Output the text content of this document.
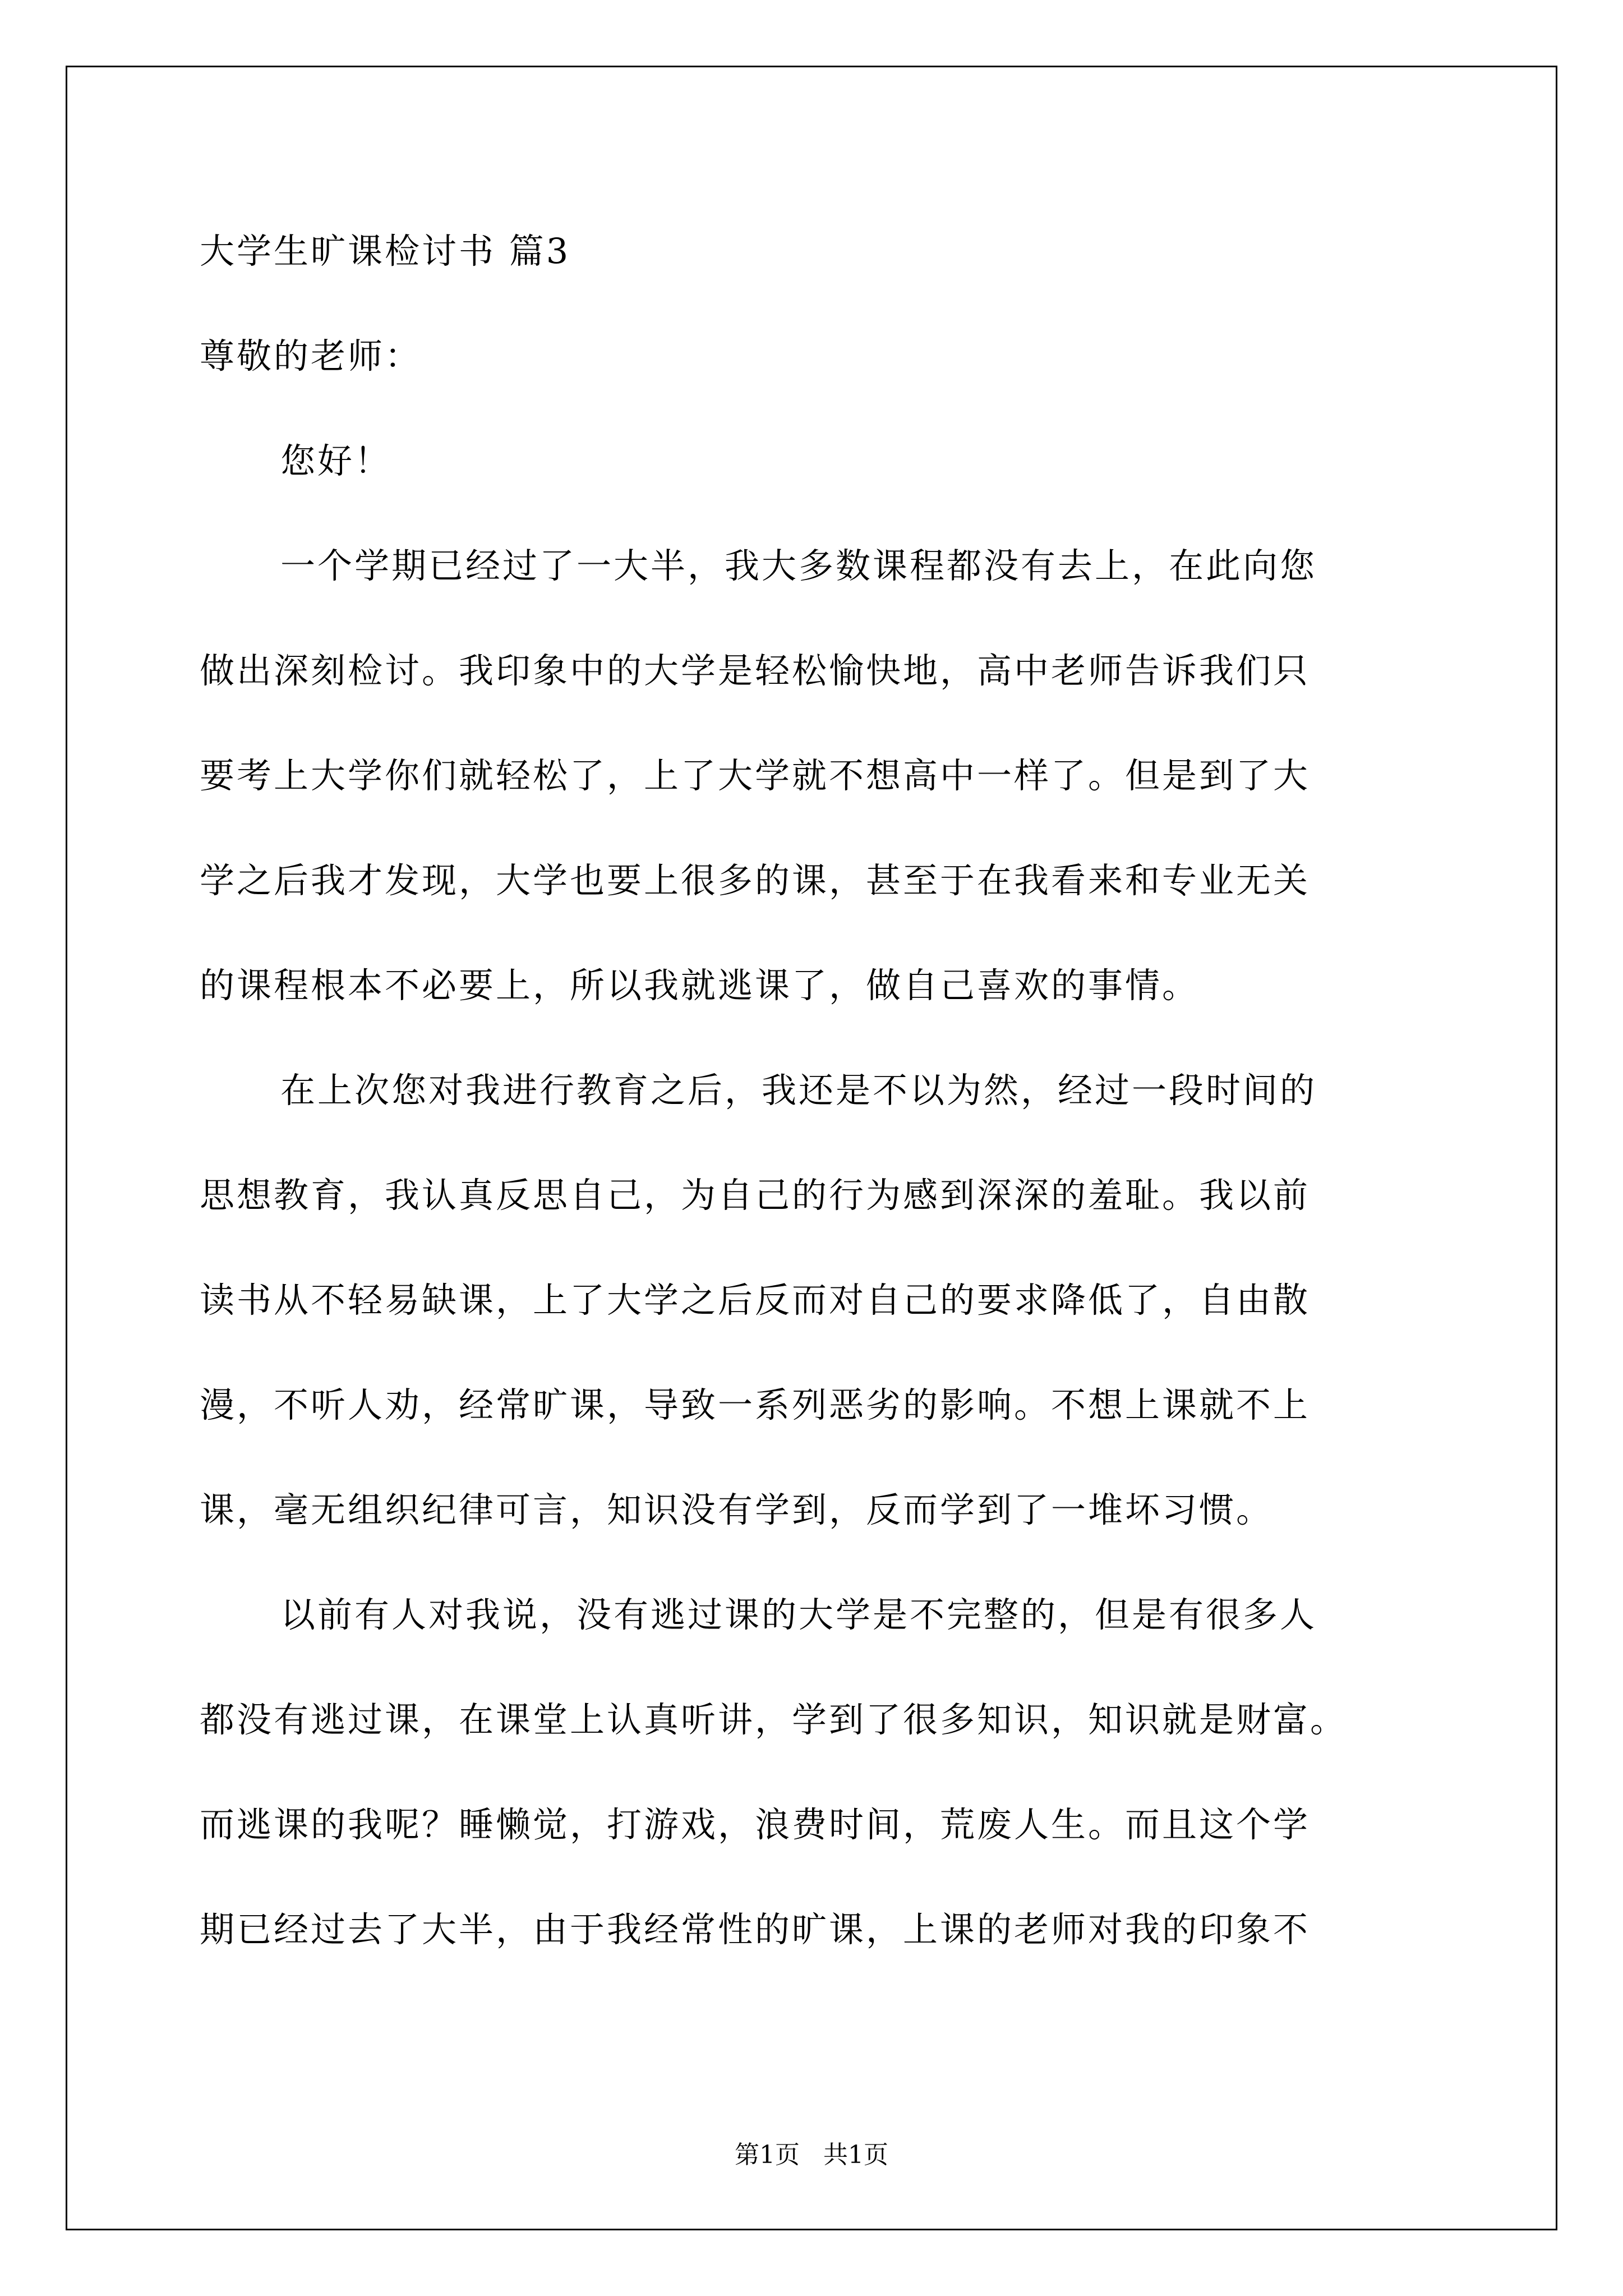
大学生旷课检讨书 篇3

尊敬的老师：

您好！

一个学期已经过了一大半，我大多数课程都没有去上，在此向您

做出深刻检讨。我印象中的大学是轻松愉快地，高中老师告诉我们只

要考上大学你们就轻松了，上了大学就不想高中一样了。但是到了大

学之后我才发现，大学也要上很多的课，甚至于在我看来和专业无关

的课程根本不必要上，所以我就逃课了，做自己喜欢的事情。

在上次您对我进行教育之后，我还是不以为然，经过一段时间的

思想教育，我认真反思自己，为自己的行为感到深深的羞耻。我以前

读书从不轻易缺课，上了大学之后反而对自己的要求降低了，自由散

漫，不听人劝，经常旷课，导致一系列恶劣的影响。不想上课就不上

课，毫无组织纪律可言，知识没有学到，反而学到了一堆坏习惯。

以前有人对我说，没有逃过课的大学是不完整的，但是有很多人

都没有逃过课，在课堂上认真听讲，学到了很多知识，知识就是财富。

而逃课的我呢？睡懒觉，打游戏，浪费时间，荒废人生。而且这个学

期已经过去了大半，由于我经常性的旷课，上课的老师对我的印象不

第1页   共1页
